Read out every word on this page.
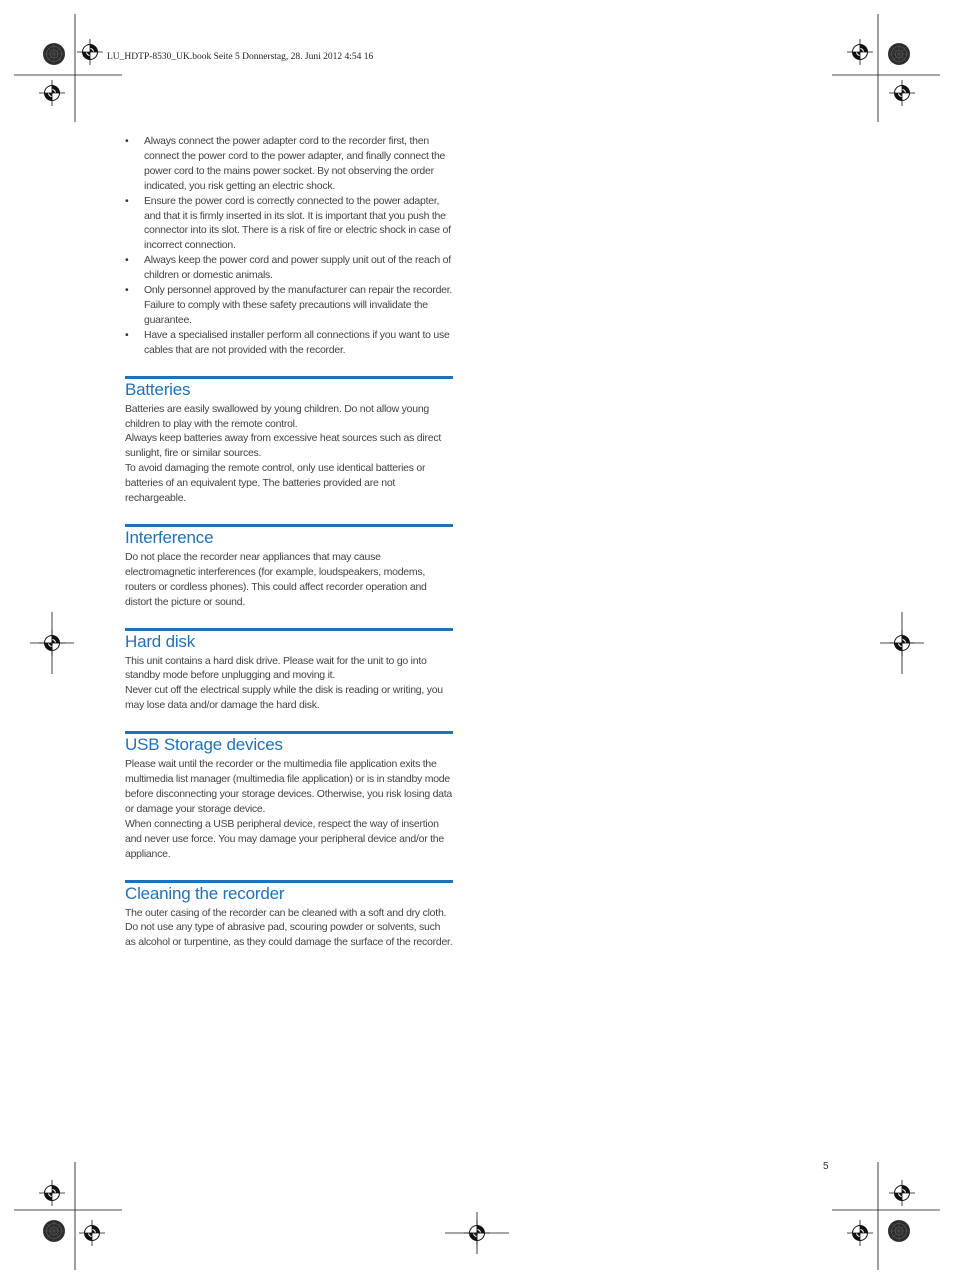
LU_HDTP-8530_UK.book Seite 5 Donnerstag, 28. Juni 2012 4:54 16
• Always connect the power adapter cord to the recorder first, then connect the power cord to the power adapter, and finally connect the power cord to the mains power socket. By not observing the order indicated, you risk getting an electric shock.
• Ensure the power cord is correctly connected to the power adapter, and that it is firmly inserted in its slot. It is important that you push the connector into its slot. There is a risk of fire or electric shock in case of incorrect connection.
• Always keep the power cord and power supply unit out of the reach of children or domestic animals.
• Only personnel approved by the manufacturer can repair the recorder. Failure to comply with these safety precautions will invalidate the guarantee.
• Have a specialised installer perform all connections if you want to use cables that are not provided with the recorder.
Batteries

Batteries are easily swallowed by young children. Do not allow young children to play with the remote control.

Always keep batteries away from excessive heat sources such as direct sunlight, fire or similar sources.

To avoid damaging the remote control, only use identical batteries or batteries of an equivalent type. The batteries provided are not rechargeable.

Interference

Do not place the recorder near appliances that may cause electromagnetic interferences (for example, loudspeakers, modems, routers or cordless phones). This could affect recorder operation and distort the picture or sound.

Hard disk

This unit contains a hard disk drive. Please wait for the unit to go into standby mode before unplugging and moving it.

Never cut off the electrical supply while the disk is reading or writing, you may lose data and/or damage the hard disk.

USB Storage devices

Please wait until the recorder or the multimedia file application exits the multimedia list manager (multimedia file application) or is in standby mode before disconnecting your storage devices. Otherwise, you risk losing data or damage your storage device.

When connecting a USB peripheral device, respect the way of insertion and never use force. You may damage your peripheral device and/or the appliance.

Cleaning the recorder

The outer casing of the recorder can be cleaned with a soft and dry cloth. Do not use any type of abrasive pad, scouring powder or solvents, such as alcohol or turpentine, as they could damage the surface of the recorder.

5
